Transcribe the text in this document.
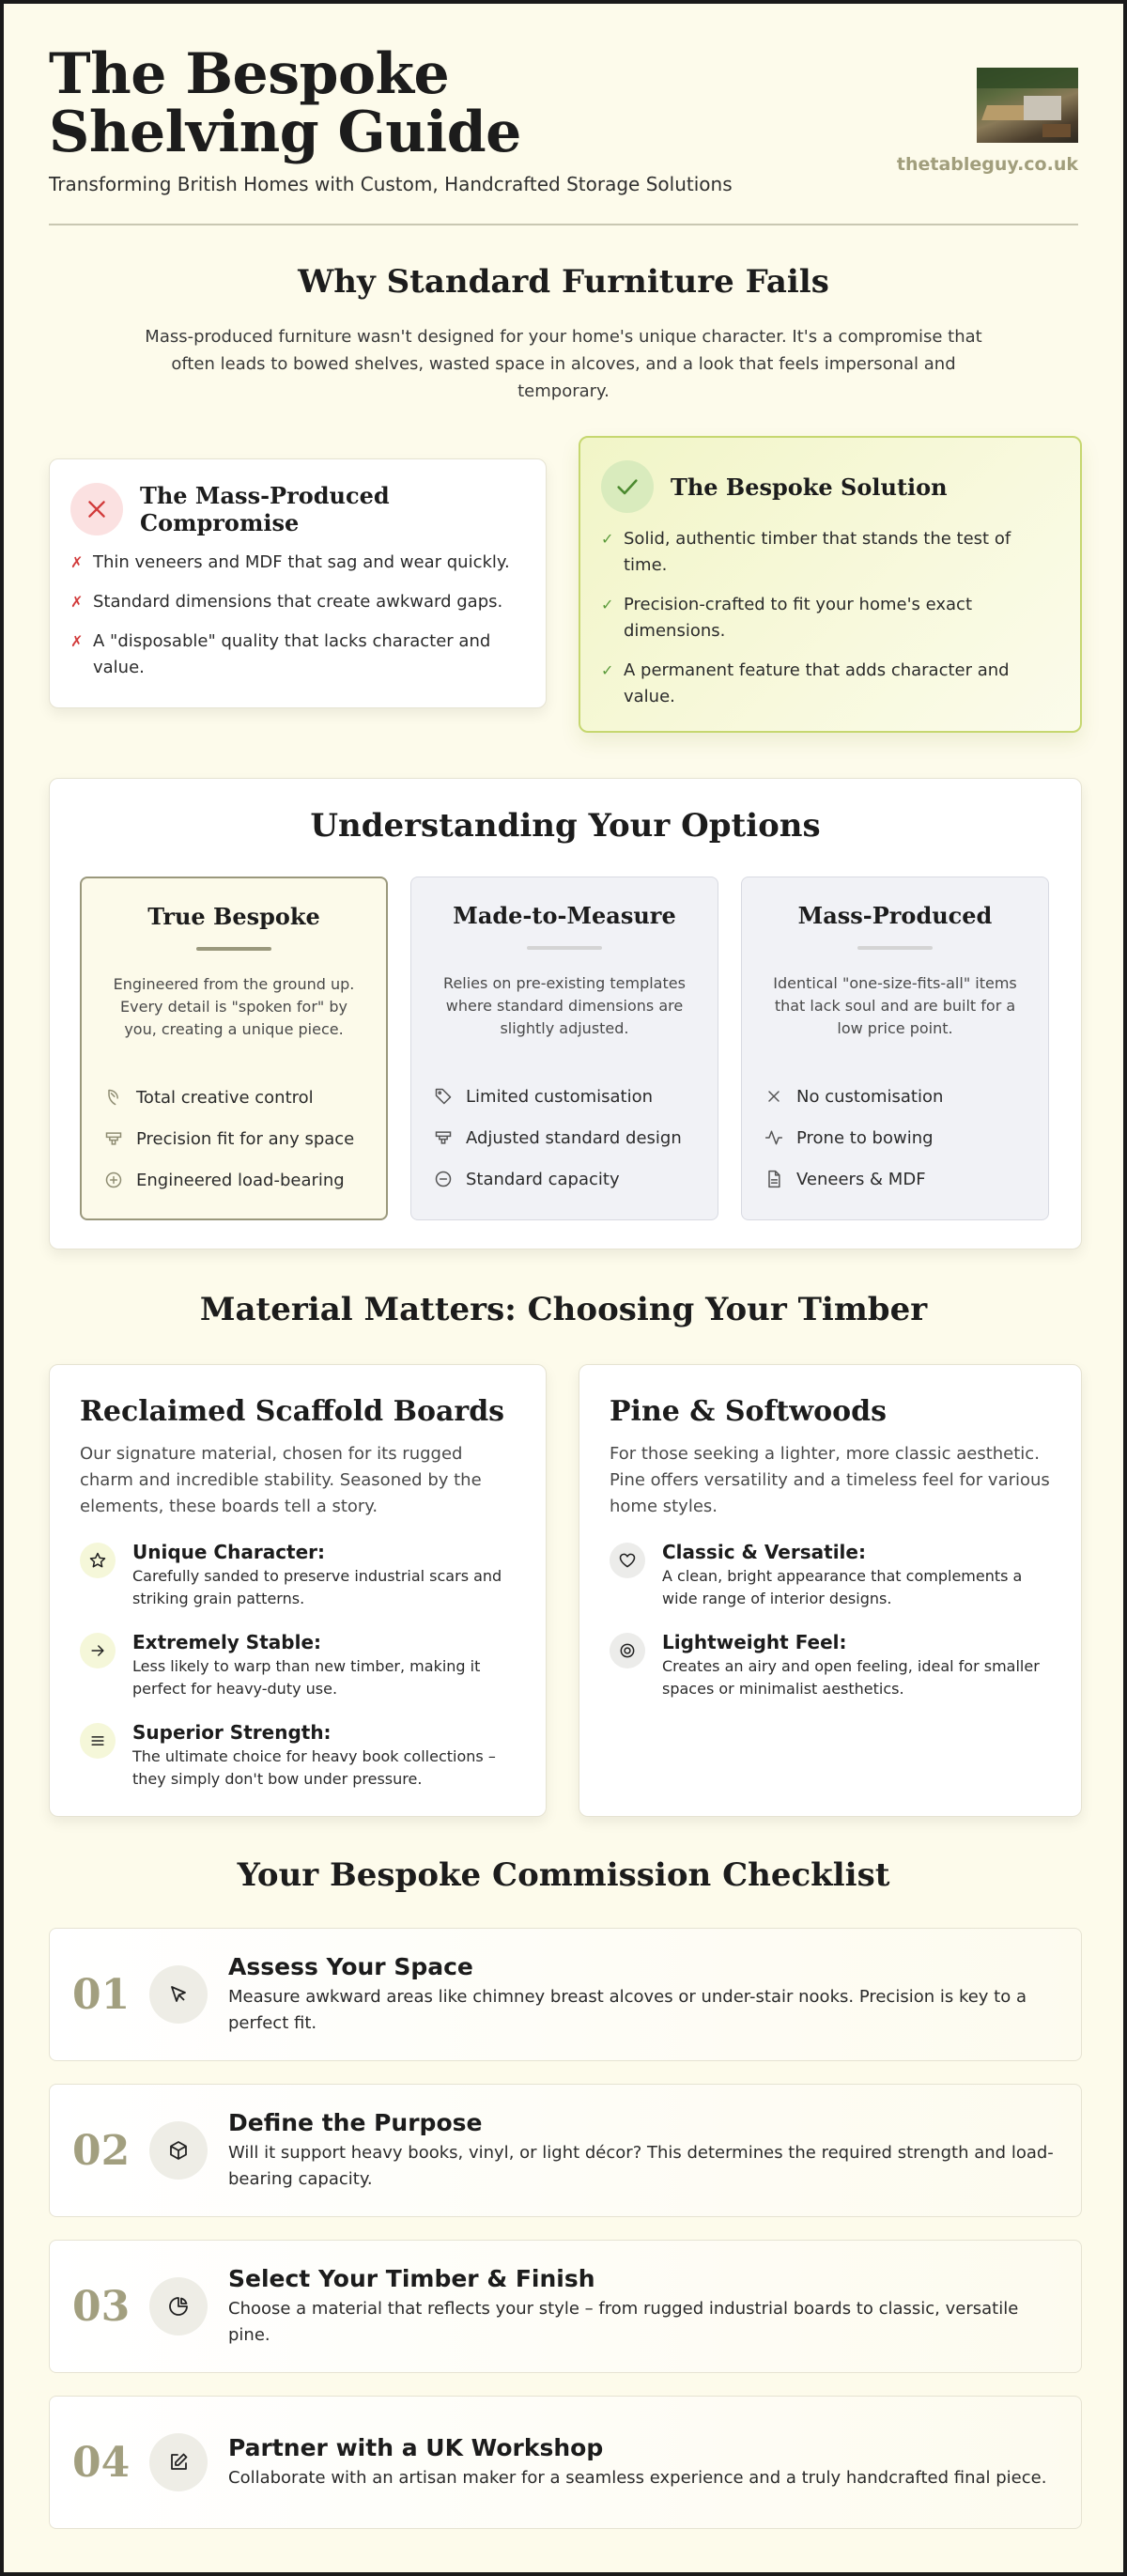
The Bespoke Shelving Guide
Transforming British Homes with Custom, Handcrafted Storage Solutions
thetableguy.co.uk
Why Standard Furniture Fails

Mass-produced furniture wasn't designed for your home's unique character. It's a compromise that often leads to bowed shelves, wasted space in alcoves, and a look that feels impersonal and temporary.

The Mass-Produced Compromise
✗ Thin veneers and MDF that sag and wear quickly.
✗ Standard dimensions that create awkward gaps.
✗ A "disposable" quality that lacks character and value.
The Bespoke Solution
✓ Solid, authentic timber that stands the test of time.
✓ Precision-crafted to fit your home's exact dimensions.
✓ A permanent feature that adds character and value.
Understanding Your Options
True Bespoke
Engineered from the ground up. Every detail is "spoken for" by you, creating a unique piece.
Total creative control
Precision fit for any space
Engineered load-bearing
Made-to-Measure
Relies on pre-existing templates where standard dimensions are slightly adjusted.
Limited customisation
Adjusted standard design
Standard capacity
Mass-Produced
Identical "one-size-fits-all" items that lack soul and are built for a low price point.
No customisation
Prone to bowing
Veneers & MDF
Material Matters: Choosing Your Timber
Reclaimed Scaffold Boards
Our signature material, chosen for its rugged charm and incredible stability. Seasoned by the elements, these boards tell a story.
Unique Character:
Carefully sanded to preserve industrial scars and striking grain patterns.
Extremely Stable:
Less likely to warp than new timber, making it perfect for heavy-duty use.
Superior Strength:
The ultimate choice for heavy book collections – they simply don't bow under pressure.
Pine & Softwoods
For those seeking a lighter, more classic aesthetic. Pine offers versatility and a timeless feel for various home styles.
Classic & Versatile:
A clean, bright appearance that complements a wide range of interior designs.
Lightweight Feel:
Creates an airy and open feeling, ideal for smaller spaces or minimalist aesthetics.
Your Bespoke Commission Checklist
01
Assess Your Space
Measure awkward areas like chimney breast alcoves or under-stair nooks. Precision is key to a perfect fit.
02
Define the Purpose
Will it support heavy books, vinyl, or light décor? This determines the required strength and load-bearing capacity.
03
Select Your Timber & Finish
Choose a material that reflects your style – from rugged industrial boards to classic, versatile pine.
04	Partner with a UK Workshop
Collaborate with an artisan maker for a seamless experience and a truly handcrafted final piece.
